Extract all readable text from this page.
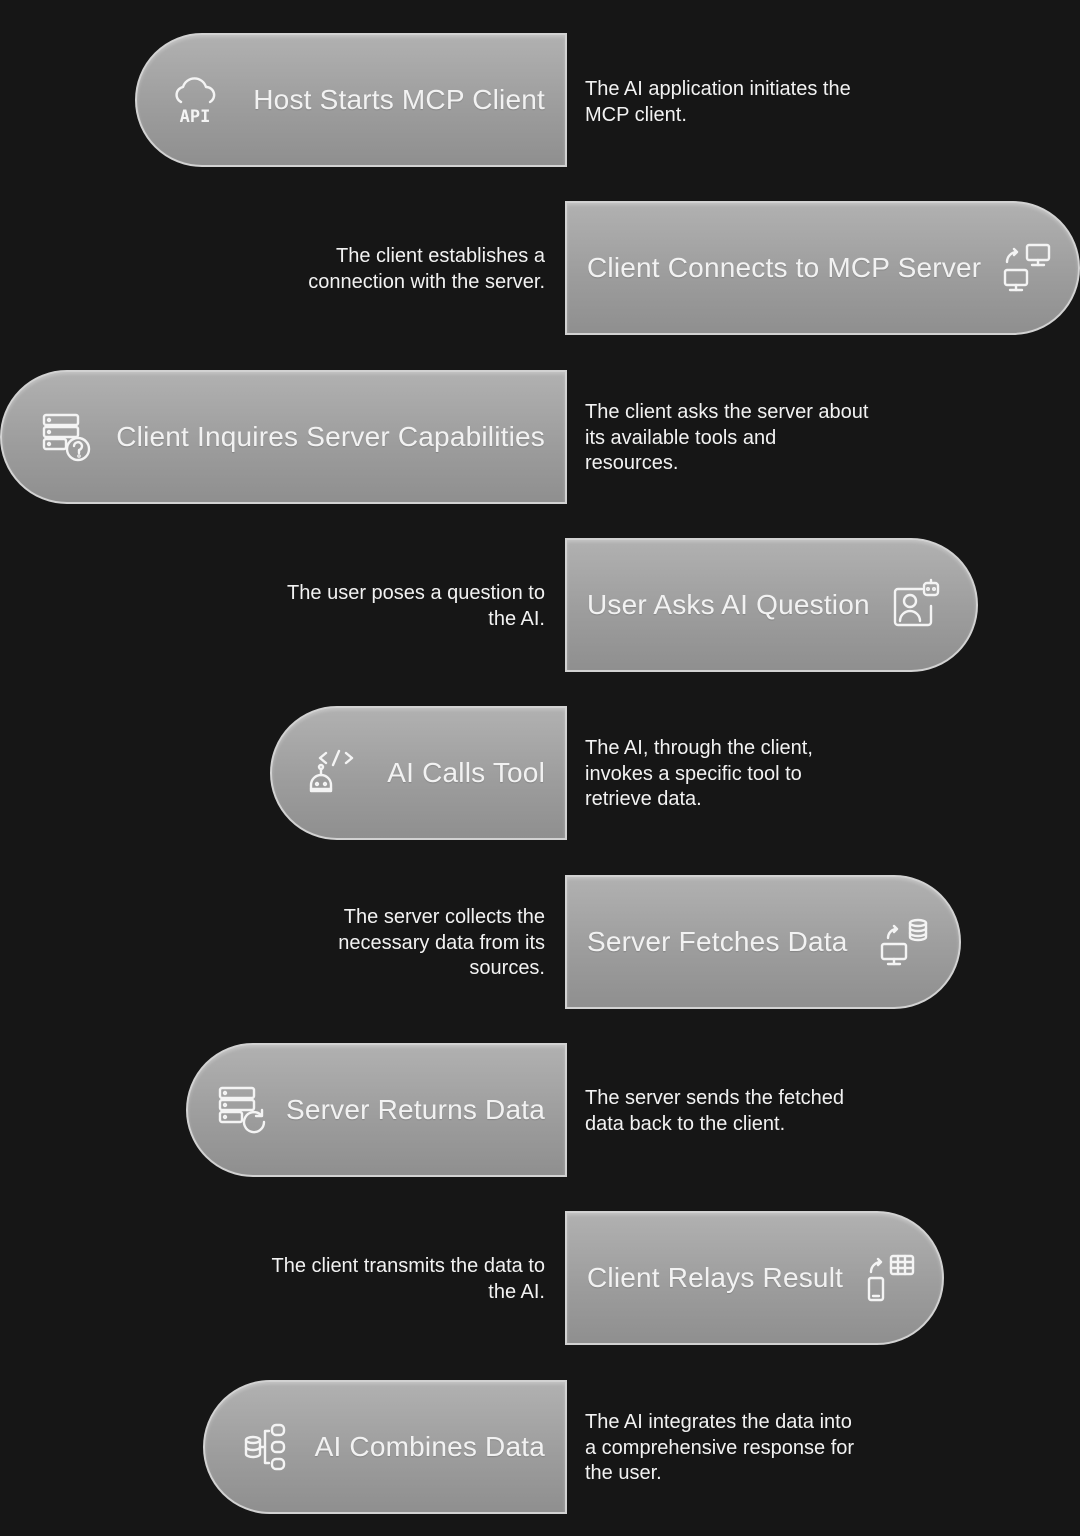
API
Host Starts MCP Client The AI application initiates the
MCP client.
The client establishes a
connection with the server. Client Connects to MCP Server
Client Inquires Server Capabilities
The client asks the server about
its available tools and
resources.
The user poses a question to
the AI. User Asks AI Question
AI Calls Tool
The AI, through the client,
invokes a specific tool to
retrieve data.
The server collects the
necessary data from its
sources.
Server Fetches Data
Server Returns Data The server sends the fetched
data back to the client.
The client transmits the data to
the AI. Client Relays Result
AI Combines Data
The AI integrates the data into
a comprehensive response for
the user.
